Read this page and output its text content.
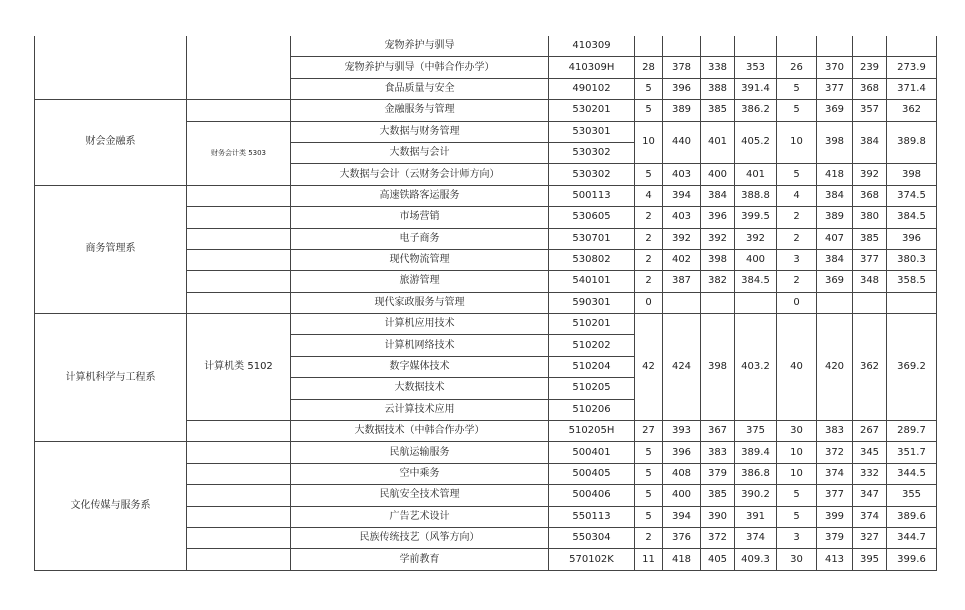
		宠物养护与驯导	410309								
		宠物养护与驯导（中韩合作办学）	410309H	28	378	338	353	26	370	239	273.9
		食品质量与安全	490102	5	396	388	391.4	5	377	368	371.4
财会金融系		金融服务与管理	530201	5	389	385	386.2	5	369	357	362
	财务会计类 5303	大数据与财务管理	530301	10	440	401	405.2	10	398	384	389.8
		大数据与会计	530302								
		大数据与会计（云财务会计师方向）	530302	5	403	400	401	5	418	392	398
商务管理系		高速铁路客运服务	500113	4	394	384	388.8	4	384	368	374.5
		市场营销	530605	2	403	396	399.5	2	389	380	384.5
		电子商务	530701	2	392	392	392	2	407	385	396
		现代物流管理	530802	2	402	398	400	3	384	377	380.3
		旅游管理	540101	2	387	382	384.5	2	369	348	358.5
		现代家政服务与管理	590301	0				0			
计算机科学与工程系	计算机类 5102	计算机应用技术	510201	42	424	398	403.2	40	420	362	369.2
		计算机网络技术	510202								
		数字媒体技术	510204								
		大数据技术	510205								
		云计算技术应用	510206								
		大数据技术（中韩合作办学）	510205H	27	393	367	375	30	383	267	289.7
文化传媒与服务系		民航运输服务	500401	5	396	383	389.4	10	372	345	351.7
		空中乘务	500405	5	408	379	386.8	10	374	332	344.5
		民航安全技术管理	500406	5	400	385	390.2	5	377	347	355
		广告艺术设计	550113	5	394	390	391	5	399	374	389.6
		民族传统技艺（风筝方向）	550304	2	376	372	374	3	379	327	344.7
		学前教育	570102K	11	418	405	409.3	30	413	395	399.6
